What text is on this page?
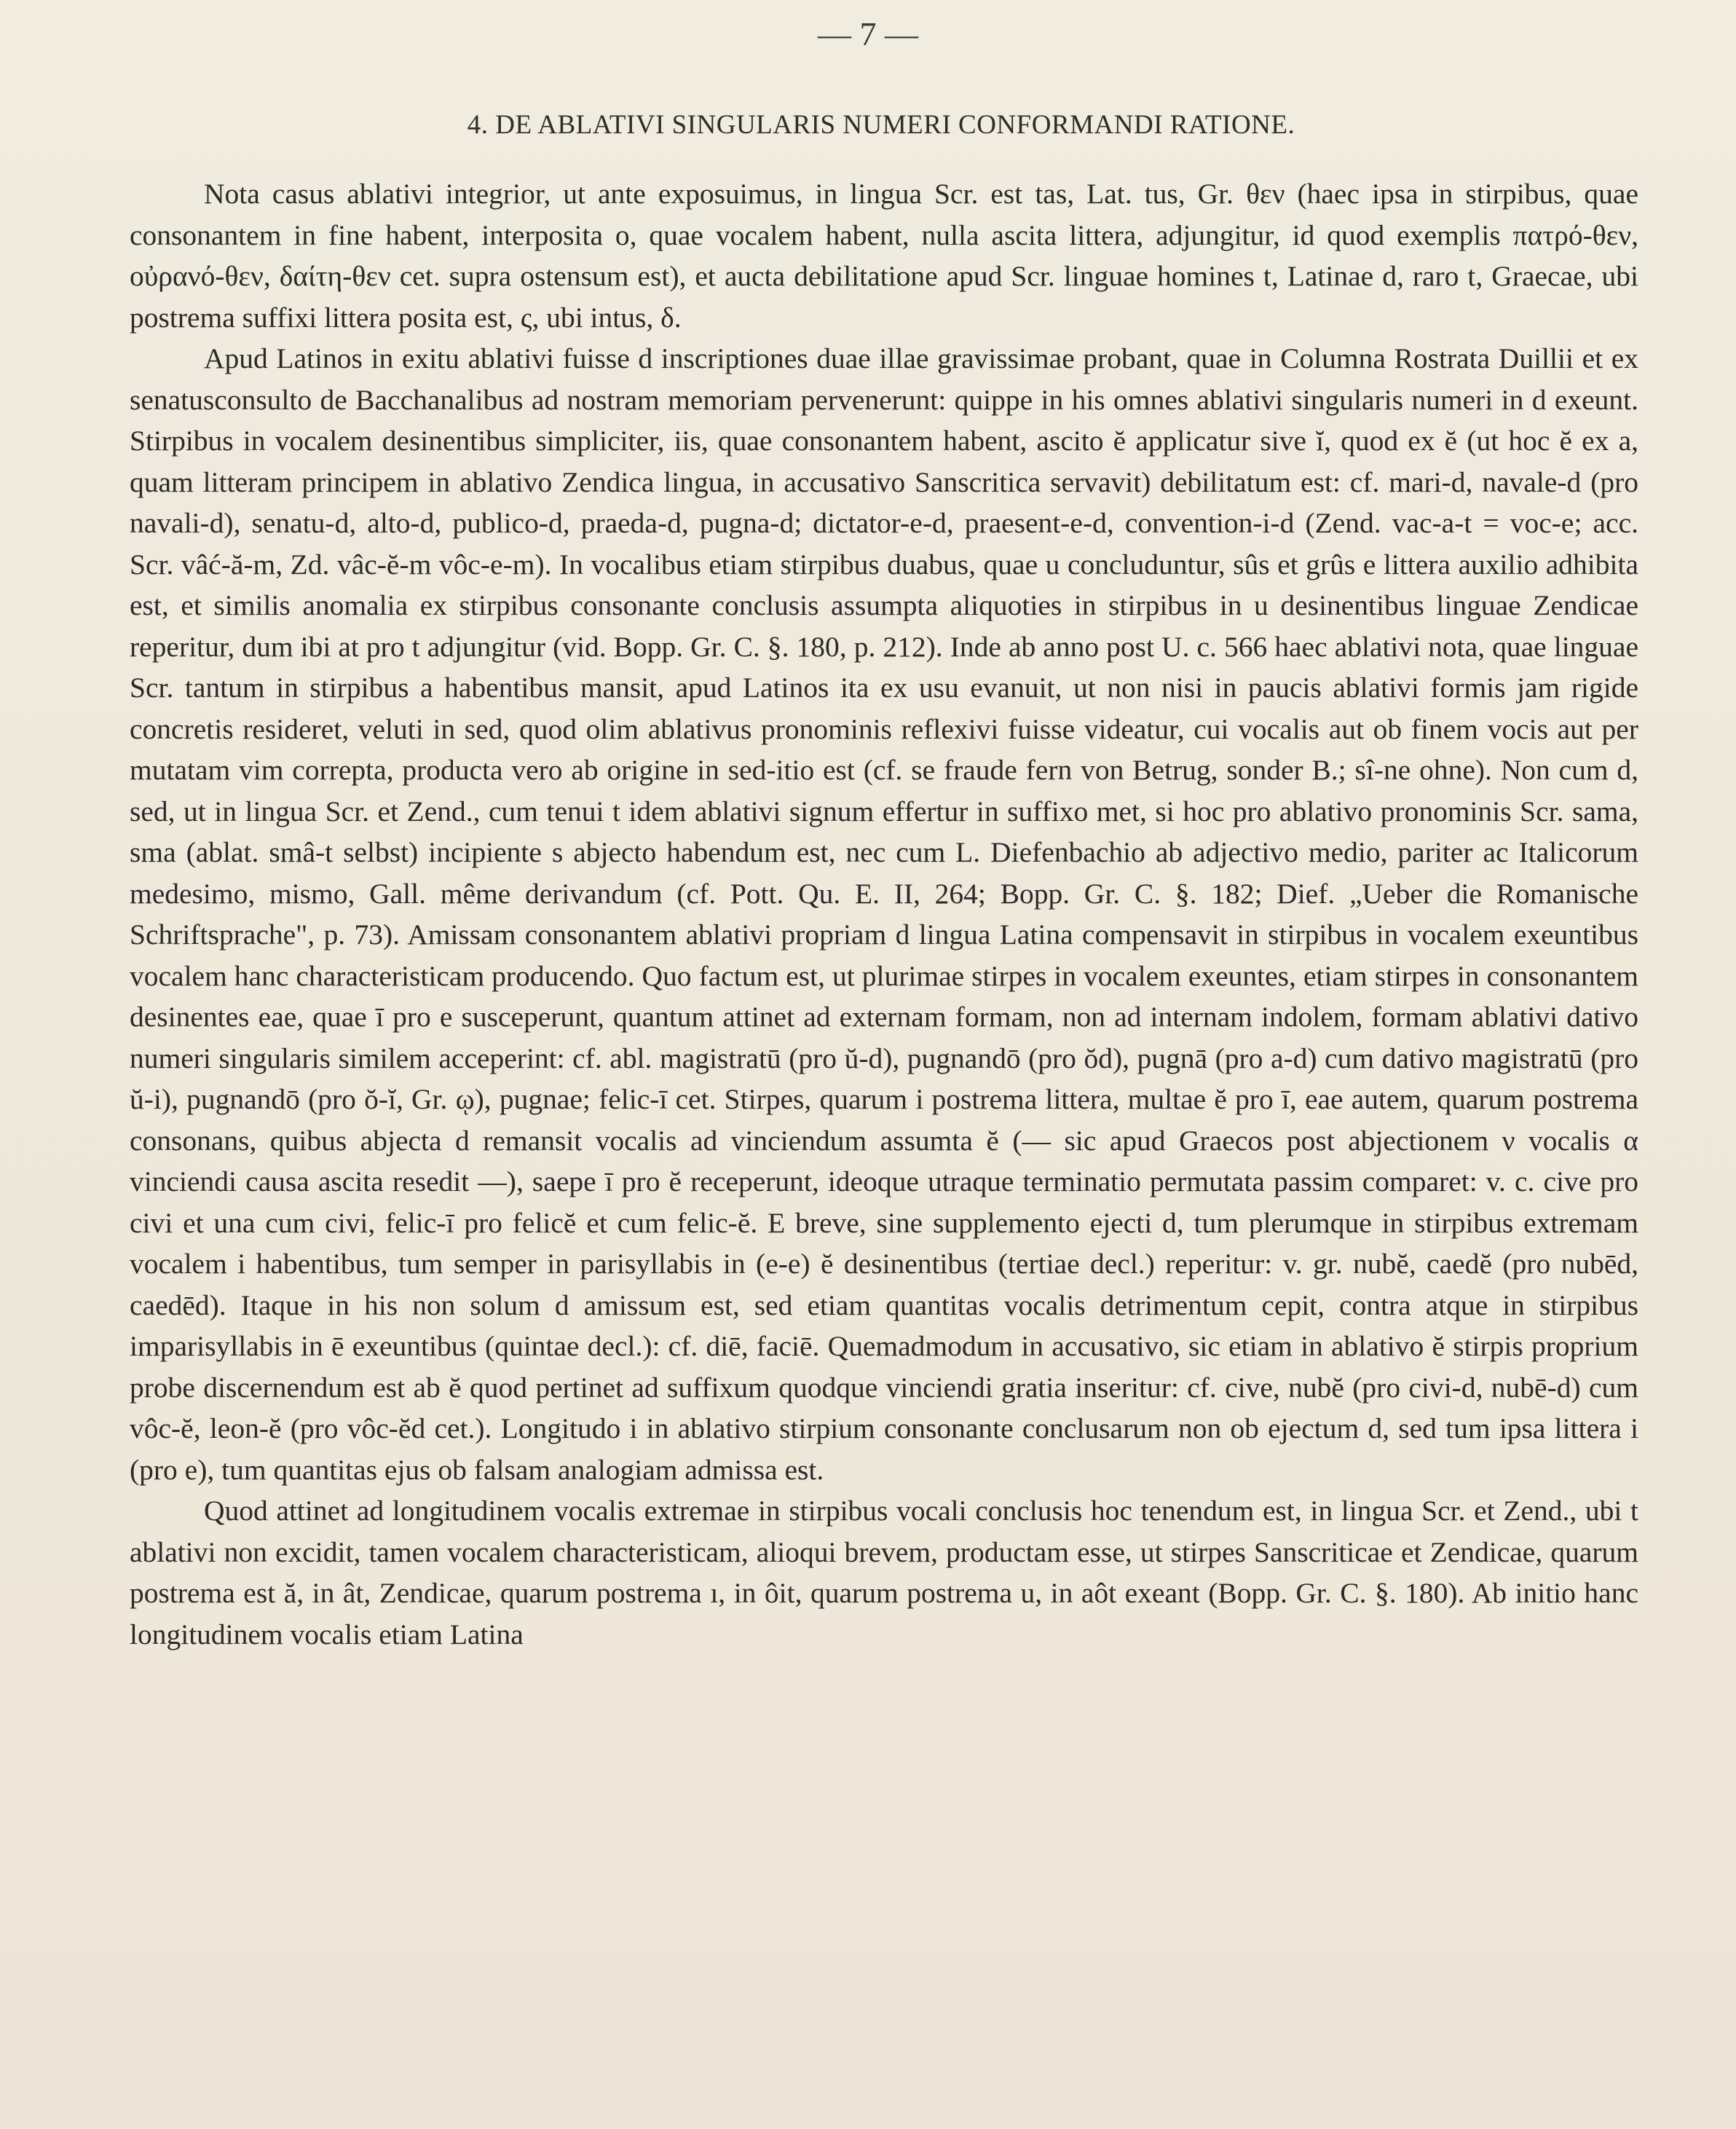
— 7 —
4. DE ABLATIVI SINGULARIS NUMERI CONFORMANDI RATIONE.

Nota casus ablativi integrior, ut ante exposuimus, in lingua Scr. est tas, Lat. tus, Gr. θεν (haec ipsa in stirpibus, quae consonantem in fine habent, interposita ο, quae vocalem habent, nulla ascita littera, adjungitur, id quod exemplis πατρό-θεν, οὐρανό-θεν, δαίτη-θεν cet. supra ostensum est), et aucta debilitatione apud Scr. linguae homines t, Latinae d, raro t, Graecae, ubi postrema suffixi littera posita est, ς, ubi intus, δ.

Apud Latinos in exitu ablativi fuisse d inscriptiones duae illae gravissimae probant, quae in Columna Rostrata Duillii et ex senatusconsulto de Bacchanalibus ad nostram memoriam pervenerunt: quippe in his omnes ablativi singularis numeri in d exeunt. Stirpibus in vocalem desinentibus simpliciter, iis, quae consonantem habent, ascito ĕ applicatur sive ĭ, quod ex ĕ (ut hoc ĕ ex a, quam litteram principem in ablativo Zendica lingua, in accusativo Sanscritica servavit) debilitatum est: cf. mari-d, navale-d (pro navali-d), senatu-d, alto-d, publico-d, praeda-d, pugna-d; dictator-e-d, praesent-e-d, convention-i-d (Zend. vac-a-t = voc-e; acc. Scr. vâć-ă-m, Zd. vâc-ĕ-m vôc-e-m). In vocalibus etiam stirpibus duabus, quae u concluduntur, sûs et grûs e littera auxilio adhibita est, et similis anomalia ex stirpibus consonante conclusis assumpta aliquoties in stirpibus in u desinentibus linguae Zendicae reperitur, dum ibi at pro t adjungitur (vid. Bopp. Gr. C. §. 180, p. 212). Inde ab anno post U. c. 566 haec ablativi nota, quae linguae Scr. tantum in stirpibus a habentibus mansit, apud Latinos ita ex usu evanuit, ut non nisi in paucis ablativi formis jam rigide concretis resideret, veluti in sed, quod olim ablativus pronominis reflexivi fuisse videatur, cui vocalis aut ob finem vocis aut per mutatam vim correpta, producta vero ab origine in sed-itio est (cf. se fraude fern von Betrug, sonder B.; sî-ne ohne). Non cum d, sed, ut in lingua Scr. et Zend., cum tenui t idem ablativi signum effertur in suffixo met, si hoc pro ablativo pronominis Scr. sama, sma (ablat. smâ-t selbst) incipiente s abjecto habendum est, nec cum L. Diefenbachio ab adjectivo medio, pariter ac Italicorum medesimo, mismo, Gall. même derivandum (cf. Pott. Qu. E. II, 264; Bopp. Gr. C. §. 182; Dief. „Ueber die Romanische Schriftsprache", p. 73). Amissam consonantem ablativi propriam d lingua Latina compensavit in stirpibus in vocalem exeuntibus vocalem hanc characteristicam producendo. Quo factum est, ut plurimae stirpes in vocalem exeuntes, etiam stirpes in consonantem desinentes eae, quae ī pro e susceperunt, quantum attinet ad externam formam, non ad internam indolem, formam ablativi dativo numeri singularis similem acceperint: cf. abl. magistratū (pro ŭ-d), pugnandō (pro ŏd), pugnā (pro a-d) cum dativo magistratū (pro ŭ-i), pugnandō (pro ŏ-ĭ, Gr. ῳ), pugnae; felic-ī cet. Stirpes, quarum i postrema littera, multae ĕ pro ī, eae autem, quarum postrema consonans, quibus abjecta d remansit vocalis ad vinciendum assumta ĕ (— sic apud Graecos post abjectionem ν vocalis α vinciendi causa ascita resedit —), saepe ī pro ĕ receperunt, ideoque utraque terminatio permutata passim comparet: v. c. cive pro civi et una cum civi, felic-ī pro felicĕ et cum felic-ĕ. E breve, sine supplemento ejecti d, tum plerumque in stirpibus extremam vocalem i habentibus, tum semper in parisyllabis in (e-e) ĕ desinentibus (tertiae decl.) reperitur: v. gr. nubĕ, caedĕ (pro nubēd, caedēd). Itaque in his non solum d amissum est, sed etiam quantitas vocalis detrimentum cepit, contra atque in stirpibus imparisyllabis in ē exeuntibus (quintae decl.): cf. diē, faciē. Quemadmodum in accusativo, sic etiam in ablativo ĕ stirpis proprium probe discernendum est ab ĕ quod pertinet ad suffixum quodque vinciendi gratia inseritur: cf. cive, nubĕ (pro civi-d, nubē-d) cum vôc-ĕ, leon-ĕ (pro vôc-ĕd cet.). Longitudo i in ablativo stirpium consonante conclusarum non ob ejectum d, sed tum ipsa littera i (pro e), tum quantitas ejus ob falsam analogiam admissa est.

Quod attinet ad longitudinem vocalis extremae in stirpibus vocali conclusis hoc tenendum est, in lingua Scr. et Zend., ubi t ablativi non excidit, tamen vocalem characteristicam, alioqui brevem, productam esse, ut stirpes Sanscriticae et Zendicae, quarum postrema est ă, in ât, Zendicae, quarum postrema ı, in ôit, quarum postrema u, in aôt exeant (Bopp. Gr. C. §. 180). Ab initio hanc longitudinem vocalis etiam Latina
